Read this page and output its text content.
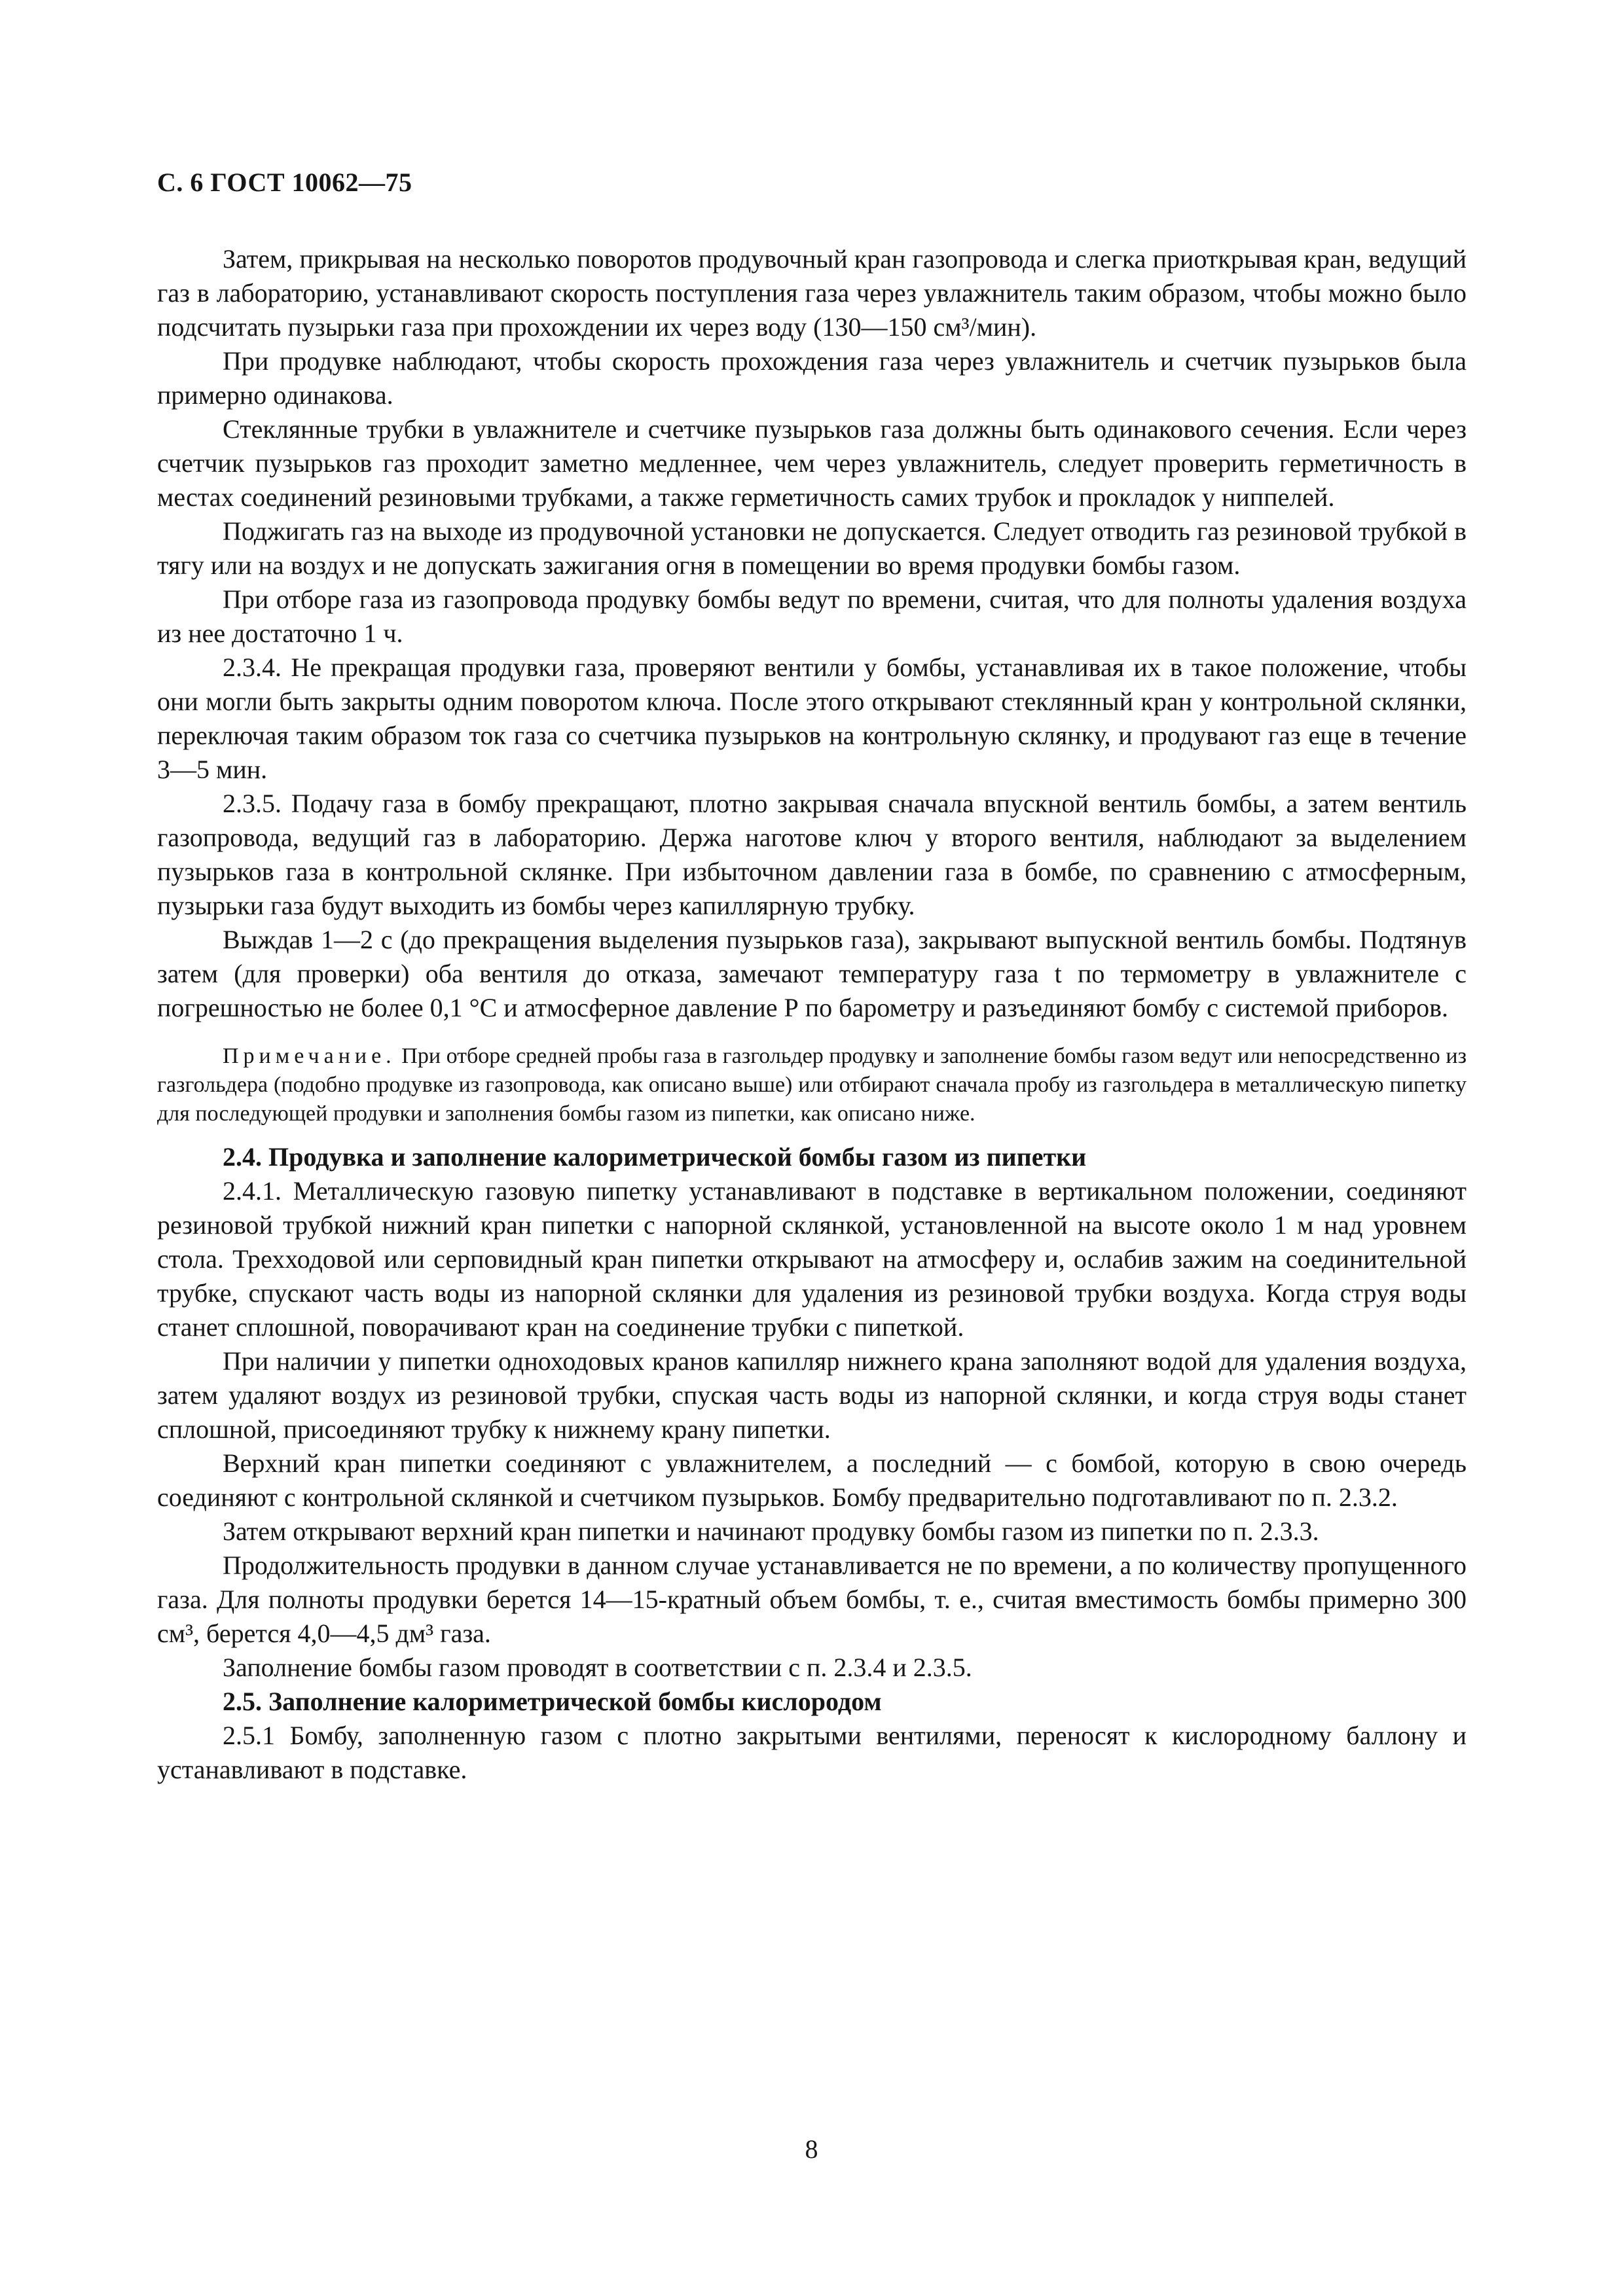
С. 6 ГОСТ 10062—75

Затем, прикрывая на несколько поворотов продувочный кран газопровода и слегка приоткрывая кран, ведущий газ в лабораторию, устанавливают скорость поступления газа через увлажнитель таким образом, чтобы можно было подсчитать пузырьки газа при прохождении их через воду (130—150 см³/мин).

При продувке наблюдают, чтобы скорость прохождения газа через увлажнитель и счетчик пузырьков была примерно одинакова.

Стеклянные трубки в увлажнителе и счетчике пузырьков газа должны быть одинакового сечения. Если через счетчик пузырьков газ проходит заметно медленнее, чем через увлажнитель, следует проверить герметичность в местах соединений резиновыми трубками, а также герметичность самих трубок и прокладок у ниппелей.

Поджигать газ на выходе из продувочной установки не допускается. Следует отводить газ резиновой трубкой в тягу или на воздух и не допускать зажигания огня в помещении во время продувки бомбы газом.

При отборе газа из газопровода продувку бомбы ведут по времени, считая, что для полноты удаления воздуха из нее достаточно 1 ч.

2.3.4. Не прекращая продувки газа, проверяют вентили у бомбы, устанавливая их в такое положение, чтобы они могли быть закрыты одним поворотом ключа. После этого открывают стеклянный кран у контрольной склянки, переключая таким образом ток газа со счетчика пузырьков на контрольную склянку, и продувают газ еще в течение 3—5 мин.

2.3.5. Подачу газа в бомбу прекращают, плотно закрывая сначала впускной вентиль бомбы, а затем вентиль газопровода, ведущий газ в лабораторию. Держа наготове ключ у второго вентиля, наблюдают за выделением пузырьков газа в контрольной склянке. При избыточном давлении газа в бомбе, по сравнению с атмосферным, пузырьки газа будут выходить из бомбы через капиллярную трубку.

Выждав 1—2 с (до прекращения выделения пузырьков газа), закрывают выпускной вентиль бомбы. Подтянув затем (для проверки) оба вентиля до отказа, замечают температуру газа t по термометру в увлажнителе с погрешностью не более 0,1 °С и атмосферное давление Р по барометру и разъединяют бомбу с системой приборов.

Примечание. При отборе средней пробы газа в газгольдер продувку и заполнение бомбы газом ведут или непосредственно из газгольдера (подобно продувке из газопровода, как описано выше) или отбирают сначала пробу из газгольдера в металлическую пипетку для последующей продувки и заполнения бомбы газом из пипетки, как описано ниже.

2.4. Продувка и заполнение калориметрической бомбы газом из пипетки

2.4.1. Металлическую газовую пипетку устанавливают в подставке в вертикальном положении, соединяют резиновой трубкой нижний кран пипетки с напорной склянкой, установленной на высоте около 1 м над уровнем стола. Трехходовой или серповидный кран пипетки открывают на атмосферу и, ослабив зажим на соединительной трубке, спускают часть воды из напорной склянки для удаления из резиновой трубки воздуха. Когда струя воды станет сплошной, поворачивают кран на соединение трубки с пипеткой.

При наличии у пипетки одноходовых кранов капилляр нижнего крана заполняют водой для удаления воздуха, затем удаляют воздух из резиновой трубки, спуская часть воды из напорной склянки, и когда струя воды станет сплошной, присоединяют трубку к нижнему крану пипетки.

Верхний кран пипетки соединяют с увлажнителем, а последний — с бомбой, которую в свою очередь соединяют с контрольной склянкой и счетчиком пузырьков. Бомбу предварительно подготавливают по п. 2.3.2.

Затем открывают верхний кран пипетки и начинают продувку бомбы газом из пипетки по п. 2.3.3.

Продолжительность продувки в данном случае устанавливается не по времени, а по количеству пропущенного газа. Для полноты продувки берется 14—15-кратный объем бомбы, т. е., считая вместимость бомбы примерно 300 см³, берется 4,0—4,5 дм³ газа.

Заполнение бомбы газом проводят в соответствии с п. 2.3.4 и 2.3.5.

2.5. Заполнение калориметрической бомбы кислородом

2.5.1 Бомбу, заполненную газом с плотно закрытыми вентилями, переносят к кислородному баллону и устанавливают в подставке.

8
